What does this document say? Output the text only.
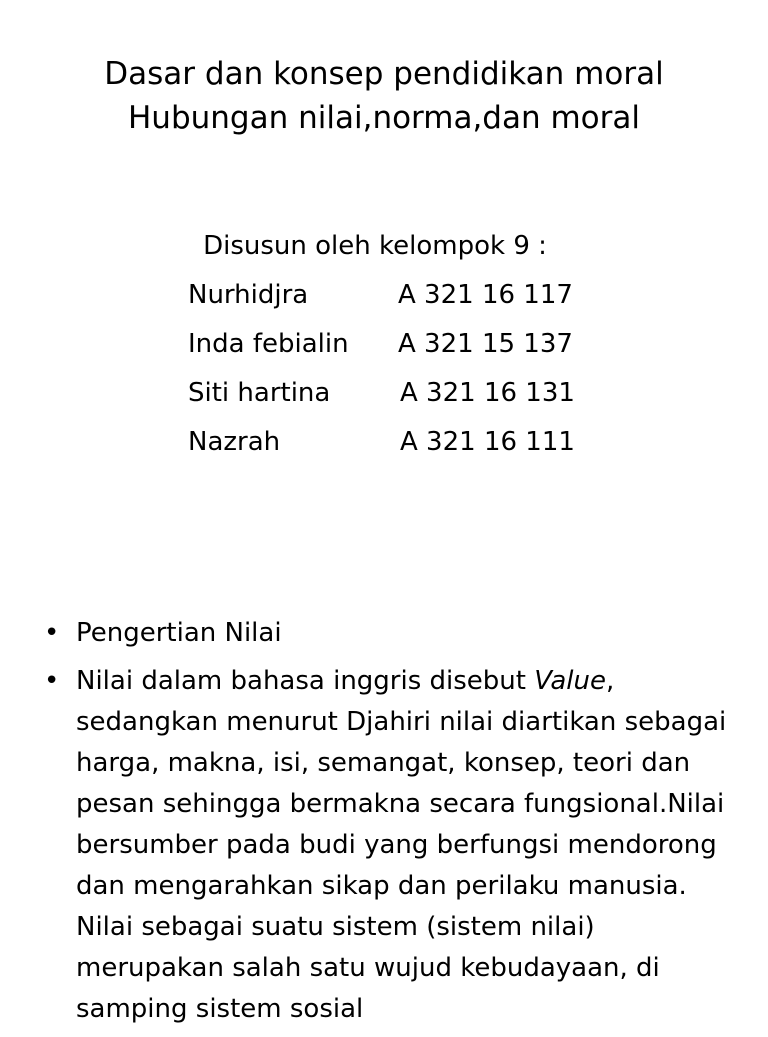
Dasar dan konsep pendidikan moral
Hubungan nilai,norma,dan moral
Disusun oleh kelompok 9 :
Nurhidjra	A 321 16 117
Inda febialin A 321 15 137
Siti hartina	A 321 16 131
Nazrah	A 321 16 111
• Pengertian Nilai
• Nilai dalam bahasa inggris disebut Value, sedangkan menurut Djahiri nilai diartikan sebagai harga, makna, isi, semangat, konsep, teori dan pesan sehingga bermakna secara fungsional.Nilai bersumber pada budi yang berfungsi mendorong dan mengarahkan sikap dan perilaku manusia. Nilai sebagai suatu sistem (sistem nilai) merupakan salah satu wujud kebudayaan, di samping sistem sosial
